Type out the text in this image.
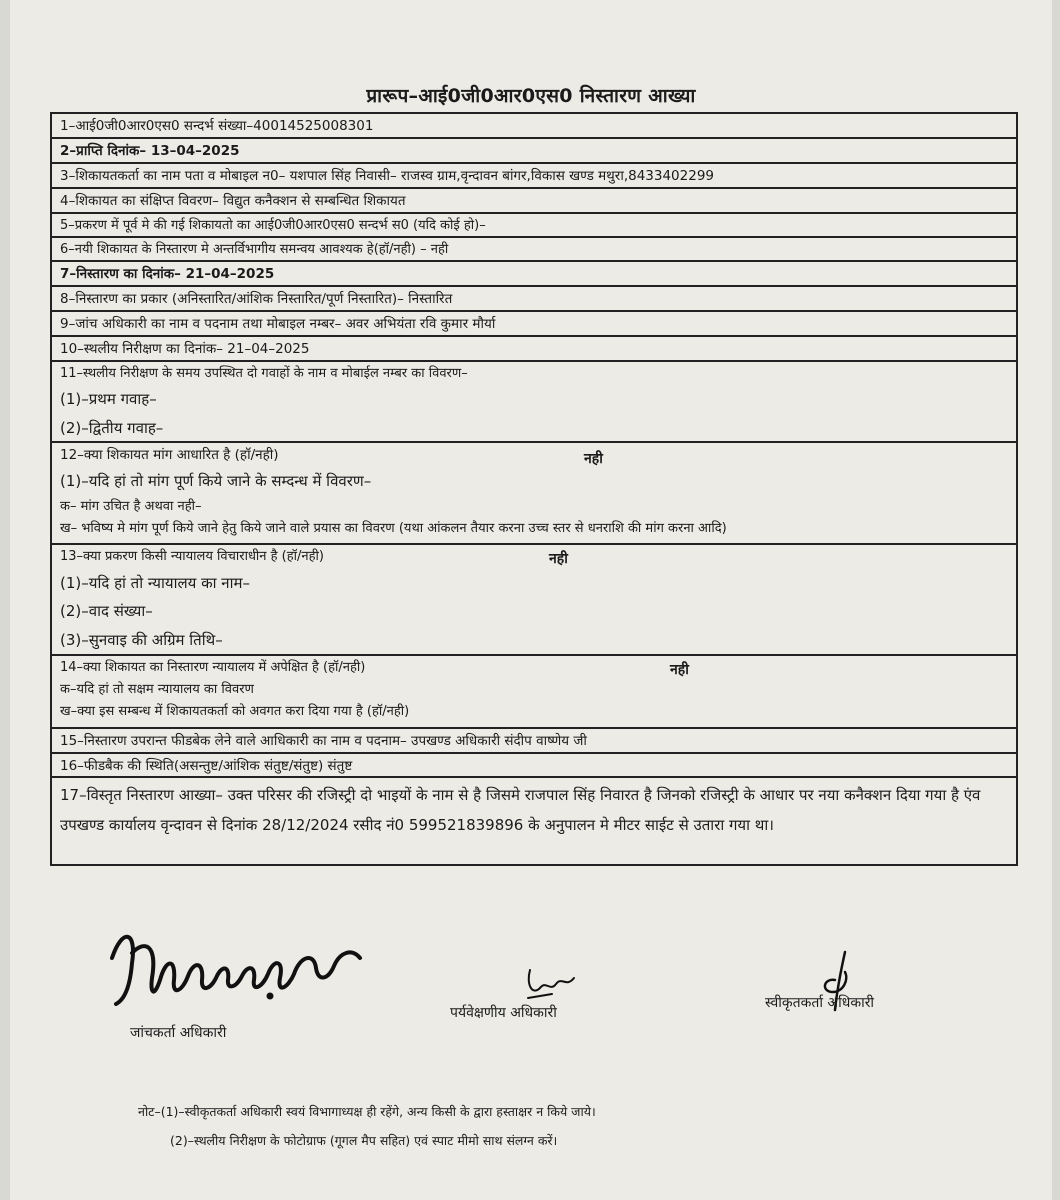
प्रारूप–आई0जी0आर0एस0 निस्तारण आख्या
1–आई0जी0आर0एस0 सन्दर्भ संख्या–40014525008301
2–प्राप्ति दिनांक– 13–04–2025
3–शिकायतकर्ता का नाम पता व मोबाइल न0– यशपाल सिंह निवासी– राजस्व ग्राम,वृन्दावन बांगर,विकास खण्ड मथुरा,8433402299
4–शिकायत का संक्षिप्त विवरण– विद्युत कनैक्शन से सम्बन्धित शिकायत
5–प्रकरण में पूर्व मे की गई शिकायतो का आई0जी0आर0एस0 सन्दर्भ स0 (यदि कोई हो)–
6–नयी शिकायत के निस्तारण मे अन्तर्विभागीय समन्वय आवश्यक हे(हॉ/नही) – नही
7–निस्तारण का दिनांक– 21–04–2025
8–निस्तारण का प्रकार (अनिस्तारित/आंशिक निस्तारित/पूर्ण निस्तारित)– निस्तारित
9–जांच अधिकारी का नाम व पदनाम तथा मोबाइल नम्बर– अवर अभियंता रवि कुमार मौर्या
10–स्थलीय निरीक्षण का दिनांक– 21–04–2025
11–स्थलीय निरीक्षण के समय उपस्थित दो गवाहों के नाम व मोबाईल नम्बर का विवरण–
(1)–प्रथम गवाह–
(2)–द्वितीय गवाह–
12–क्या शिकायत मांग आधारित है (हॉ/नही)	नही
(1)–यदि हां तो मांग पूर्ण किये जाने के सम्दन्ध में विवरण–
क– मांग उचित है अथवा नही–
ख– भविष्य मे मांग पूर्ण किये जाने हेतु किये जाने वाले प्रयास का विवरण (यथा आंकलन तैयार करना उच्च स्तर से धनराशि की मांग करना आदि)
13–क्या प्रकरण किसी न्यायालय विचाराधीन है (हॉ/नही)	नही
(1)–यदि हां तो न्यायालय का नाम–
(2)–वाद संख्या–
(3)–सुनवाइ की अग्रिम तिथि–
14–क्या शिकायत का निस्तारण न्यायालय में अपेक्षित है (हॉ/नही)	नही
क–यदि हां तो सक्षम न्यायालय का विवरण
ख–क्या इस सम्बन्ध में शिकायतकर्ता को अवगत करा दिया गया है (हॉ/नही)
15–निस्तारण उपरान्त फीडबेक लेने वाले आधिकारी का नाम व पदनाम– उपखण्ड अधिकारी संदीप वाष्णेय जी
16–फीडबैक की स्थिति(असन्तुष्ट/आंशिक संतुष्ट/संतुष्ट) संतुष्ट
17–विस्तृत निस्तारण आख्या– उक्त परिसर की रजिस्ट्री दो भाइयों के नाम से है जिसमे राजपाल सिंह निवारत है जिनको रजिस्ट्री के आधार पर नया कनैक्शन दिया गया है एंव उपखण्ड कार्यालय वृन्दावन से दिनांक 28/12/2024 रसीद नं0 599521839896 के अनुपालन मे मीटर साईट से उतारा गया था।
जांचकर्ता अधिकारी
पर्यवेक्षणीय अधिकारी
स्वीकृतकर्ता अधिकारी
नोट–(1)–स्वीकृतकर्ता अधिकारी स्वयं विभागाध्यक्ष ही रहेंगे, अन्य किसी के द्वारा हस्ताक्षर न किये जाये।
(2)–स्थलीय निरीक्षण के फोटोग्राफ (गूगल मैप सहित) एवं स्पाट मीमो साथ संलग्न करें।
